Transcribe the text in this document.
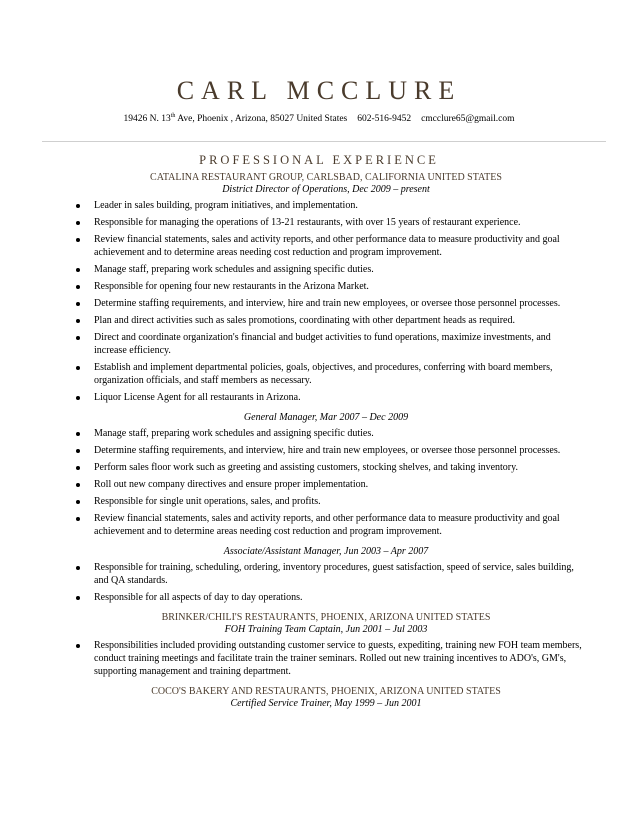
CARL MCCLURE
19426 N. 13th Ave, Phoenix , Arizona, 85027 United States 602-516-9452 cmcclure65@gmail.com
PROFESSIONAL EXPERIENCE
CATALINA RESTAURANT GROUP, CARLSBAD, CALIFORNIA UNITED STATES
District Director of Operations, Dec 2009 – present
Leader in sales building, program initiatives, and implementation.
Responsible for managing the operations of 13-21 restaurants, with over 15 years of restaurant experience.
Review financial statements, sales and activity reports, and other performance data to measure productivity and goal achievement and to determine areas needing cost reduction and program improvement.
Manage staff, preparing work schedules and assigning specific duties.
Responsible for opening four new restaurants in the Arizona Market.
Determine staffing requirements, and interview, hire and train new employees, or oversee those personnel processes.
Plan and direct activities such as sales promotions, coordinating with other department heads as required.
Direct and coordinate organization's financial and budget activities to fund operations, maximize investments, and increase efficiency.
Establish and implement departmental policies, goals, objectives, and procedures, conferring with board members, organization officials, and staff members as necessary.
Liquor License Agent for all restaurants in Arizona.
General Manager, Mar 2007 – Dec 2009
Manage staff, preparing work schedules and assigning specific duties.
Determine staffing requirements, and interview, hire and train new employees, or oversee those personnel processes.
Perform sales floor work such as greeting and assisting customers, stocking shelves, and taking inventory.
Roll out new company directives and ensure proper implementation.
Responsible for single unit operations, sales, and profits.
Review financial statements, sales and activity reports, and other performance data to measure productivity and goal achievement and to determine areas needing cost reduction and program improvement.
Associate/Assistant Manager, Jun 2003 – Apr 2007
Responsible for training, scheduling, ordering, inventory procedures, guest satisfaction, speed of service, sales building, and QA standards.
Responsible for all aspects of day to day operations.
BRINKER/CHILI'S RESTAURANTS, PHOENIX, ARIZONA UNITED STATES
FOH Training Team Captain, Jun 2001 – Jul 2003
Responsibilities included providing outstanding customer service to guests, expediting, training new FOH team members, conduct training meetings and facilitate train the trainer seminars. Rolled out new training incentives to ADO's, GM's, supporting management and training department.
COCO'S BAKERY AND RESTAURANTS, PHOENIX, ARIZONA UNITED STATES
Certified Service Trainer, May 1999 – Jun 2001
